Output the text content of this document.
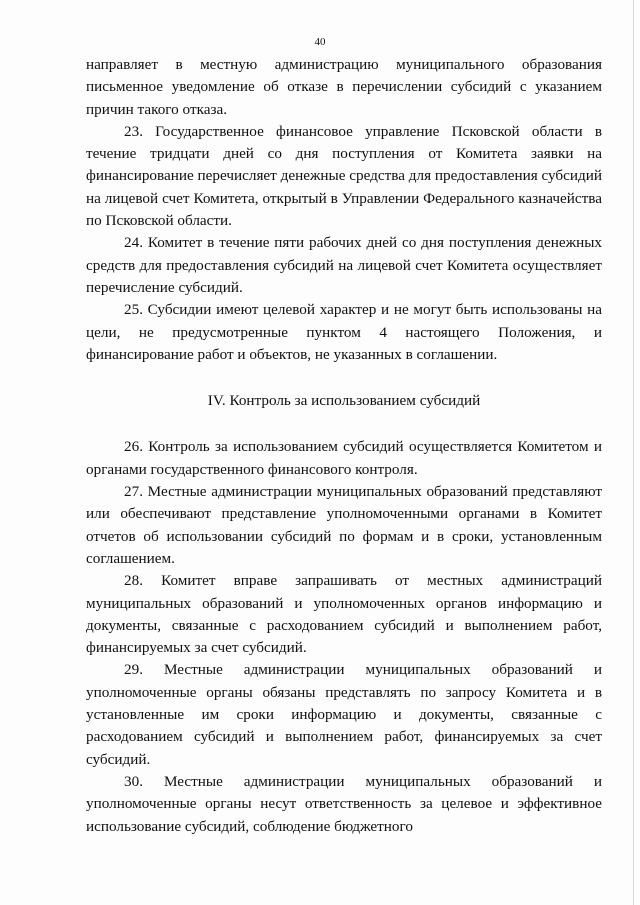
40

направляет в местную администрацию муниципального образования письменное уведомление об отказе в перечислении субсидий с указанием причин такого отказа.

23. Государственное финансовое управление Псковской области в течение тридцати дней со дня поступления от Комитета заявки на финансирование перечисляет денежные средства для предоставления субсидий на лицевой счет Комитета, открытый в Управлении Федерального казначейства по Псковской области.

24. Комитет в течение пяти рабочих дней со дня поступления денежных средств для предоставления субсидий на лицевой счет Комитета осуществляет перечисление субсидий.

25. Субсидии имеют целевой характер и не могут быть использованы на цели, не предусмотренные пунктом 4 настоящего Положения, и финансирование работ и объектов, не указанных в соглашении.

IV. Контроль за использованием субсидий

26. Контроль за использованием субсидий осуществляется Комитетом и органами государственного финансового контроля.

27. Местные администрации муниципальных образований представляют или обеспечивают представление уполномоченными органами в Комитет отчетов об использовании субсидий по формам и в сроки, установленным соглашением.

28. Комитет вправе запрашивать от местных администраций муниципальных образований и уполномоченных органов информацию и документы, связанные с расходованием субсидий и выполнением работ, финансируемых за счет субсидий.

29. Местные администрации муниципальных образований и уполномоченные органы обязаны представлять по запросу Комитета и в установленные им сроки информацию и документы, связанные с расходованием субсидий и выполнением работ, финансируемых за счет субсидий.

30. Местные администрации муниципальных образований и уполномоченные органы несут ответственность за целевое и эффективное использование субсидий, соблюдение бюджетного
